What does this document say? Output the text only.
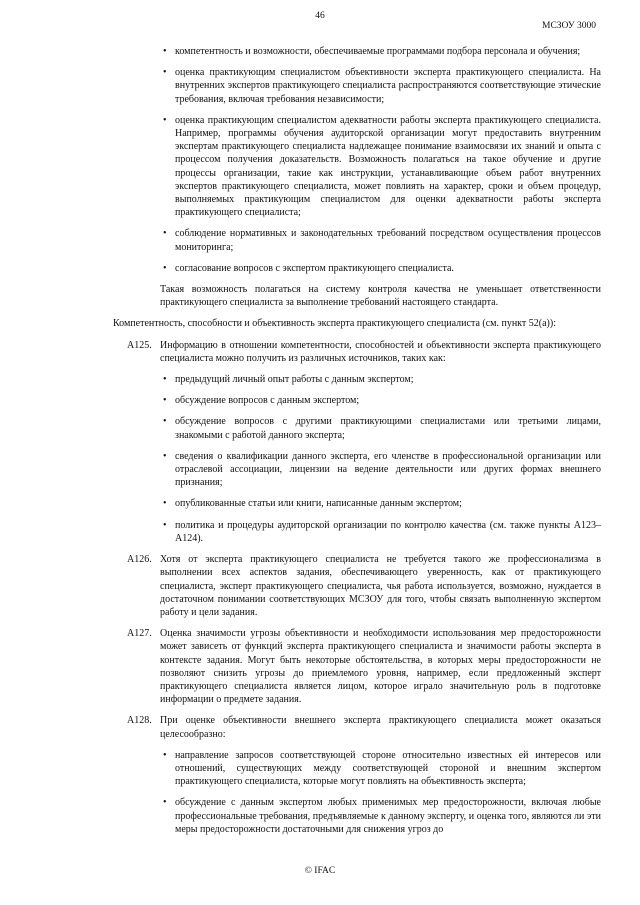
46
МСЗОУ 3000
• компетентность и возможности, обеспечиваемые программами подбора персонала и обучения;
• оценка практикующим специалистом объективности эксперта практикующего специалиста. На внутренних экспертов практикующего специалиста распространяются соответствующие этические требования, включая требования независимости;
• оценка практикующим специалистом адекватности работы эксперта практикующего специалиста. Например, программы обучения аудиторской организации могут предоставить внутренним экспертам практикующего специалиста надлежащее понимание взаимосвязи их знаний и опыта с процессом получения доказательств. Возможность полагаться на такое обучение и другие процессы организации, такие как инструкции, устанавливающие объем работ внутренних экспертов практикующего специалиста, может повлиять на характер, сроки и объем процедур, выполняемых практикующим специалистом для оценки адекватности работы эксперта практикующего специалиста;
• соблюдение нормативных и законодательных требований посредством осуществления процессов мониторинга;
• согласование вопросов с экспертом практикующего специалиста.
Такая возможность полагаться на систему контроля качества не уменьшает ответственности практикующего специалиста за выполнение требований настоящего стандарта.
Компетентность, способности и объективность эксперта практикующего специалиста (см. пункт 52(а)):
A125. Информацию в отношении компетентности, способностей и объективности эксперта практикующего специалиста можно получить из различных источников, таких как:
• предыдущий личный опыт работы с данным экспертом;
• обсуждение вопросов с данным экспертом;
• обсуждение вопросов с другими практикующими специалистами или третьими лицами, знакомыми с работой данного эксперта;
• сведения о квалификации данного эксперта, его членстве в профессиональной организации или отраслевой ассоциации, лицензии на ведение деятельности или других формах внешнего признания;
• опубликованные статьи или книги, написанные данным экспертом;
• политика и процедуры аудиторской организации по контролю качества (см. также пункты A123–A124).
A126. Хотя от эксперта практикующего специалиста не требуется такого же профессионализма в выполнении всех аспектов задания, обеспечивающего уверенность, как от практикующего специалиста, эксперт практикующего специалиста, чья работа используется, возможно, нуждается в достаточном понимании соответствующих МСЗОУ для того, чтобы связать выполненную экспертом работу и цели задания.
A127. Оценка значимости угрозы объективности и необходимости использования мер предосторожности может зависеть от функций эксперта практикующего специалиста и значимости работы эксперта в контексте задания. Могут быть некоторые обстоятельства, в которых меры предосторожности не позволяют снизить угрозы до приемлемого уровня, например, если предложенный эксперт практикующего специалиста является лицом, которое играло значительную роль в подготовке информации о предмете задания.
A128. При оценке объективности внешнего эксперта практикующего специалиста может оказаться целесообразно:
• направление запросов соответствующей стороне относительно известных ей интересов или отношений, существующих между соответствующей стороной и внешним экспертом практикующего специалиста, которые могут повлиять на объективность эксперта;
• обсуждение с данным экспертом любых применимых мер предосторожности, включая любые профессиональные требования, предъявляемые к данному эксперту, и оценка того, являются ли эти меры предосторожности достаточными для снижения угроз до
© IFAC
